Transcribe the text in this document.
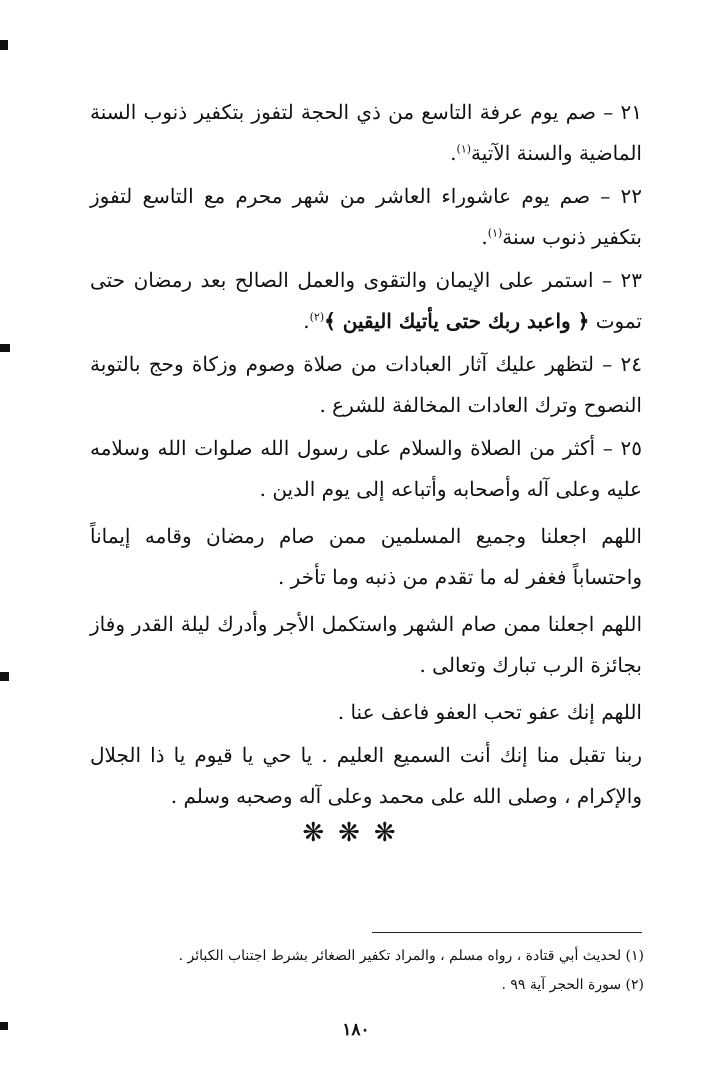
٢١ – صم يوم عرفة التاسع من ذي الحجة لتفوز بتكفير ذنوب السنة الماضية والسنة الآتية$^{(١)}$.

٢٢ – صم يوم عاشوراء العاشر من شهر محرم مع التاسع لتفوز بتكفير ذنوب سنة$^{(١)}$.

٢٣ – استمر على الإيمان والتقوى والعمل الصالح بعد رمضان حتى تموت ﴿ واعبد ربك حتى يأتيك اليقين ﴾$^{(٢)}$.

٢٤ – لتظهر عليك آثار العبادات من صلاة وصوم وزكاة وحج بالتوبة النصوح وترك العادات المخالفة للشرع .

٢٥ – أكثر من الصلاة والسلام على رسول الله صلوات الله وسلامه عليه وعلى آله وأصحابه وأتباعه إلى يوم الدين .

اللهم اجعلنا وجميع المسلمين ممن صام رمضان وقامه إيماناً واحتساباً فغفر له ما تقدم من ذنبه وما تأخر .

اللهم اجعلنا ممن صام الشهر واستكمل الأجر وأدرك ليلة القدر وفاز بجائزة الرب تبارك وتعالى .

اللهم إنك عفو تحب العفو فاعف عنا .

ربنا تقبل منا إنك أنت السميع العليم . يا حي يا قيوم يا ذا الجلال والإكرام ، وصلى الله على محمد وعلى آله وصحبه وسلم .

❋❋❋
(١) لحديث أبي قتادة ، رواه مسلم ، والمراد تكفير الصغائر بشرط اجتناب الكبائر .
(٢) سورة الحجر آية ٩٩ .
١٨٠
